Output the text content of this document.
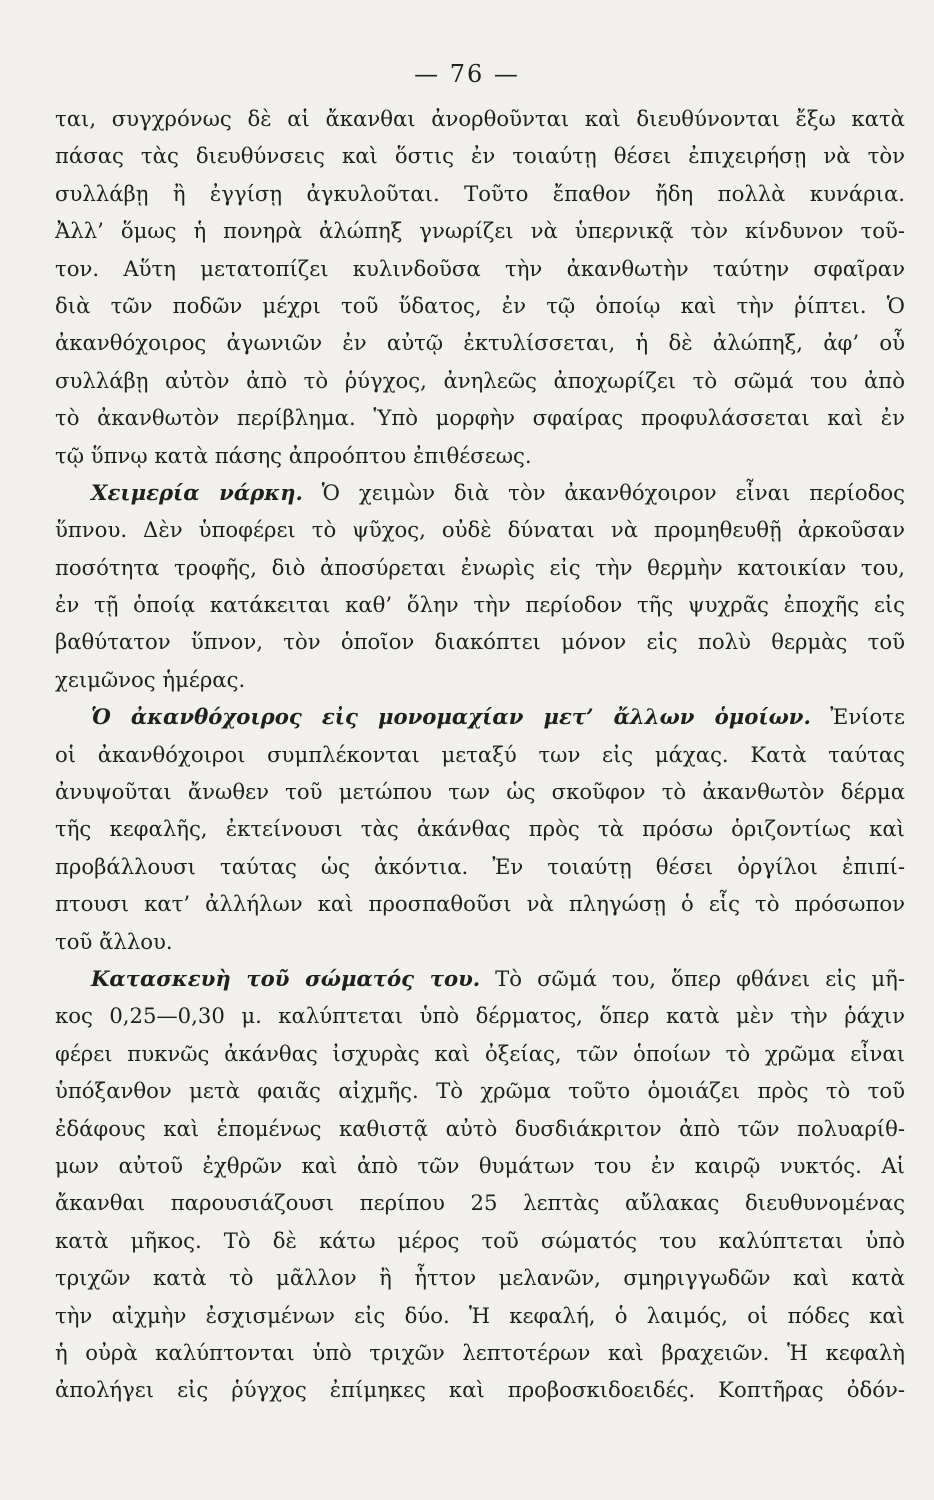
— 76 —
ται, συγχρόνως δὲ αἱ ἄκανθαι ἀνορθοῦνται καὶ διευθύνονται ἔξω κατὰ
πάσας τὰς διευθύνσεις καὶ ὅστις ἐν τοιαύτῃ θέσει ἐπιχειρήσῃ νὰ τὸν
συλλάβῃ ἢ ἐγγίσῃ ἀγκυλοῦται. Τοῦτο ἔπαθον ἤδη πολλὰ κυνάρια.
Ἀλλ’ ὅμως ἡ πονηρὰ ἀλώπηξ γνωρίζει νὰ ὑπερνικᾷ τὸν κίνδυνον τοῦ-
τον. Αὕτη μετατοπίζει κυλινδοῦσα τὴν ἀκανθωτὴν ταύτην σφαῖραν
διὰ τῶν ποδῶν μέχρι τοῦ ὕδατος, ἐν τῷ ὁποίῳ καὶ τὴν ῥίπτει. Ὁ
ἀκανθόχοιρος ἀγωνιῶν ἐν αὐτῷ ἐκτυλίσσεται, ἡ δὲ ἀλώπηξ, ἀφ’ οὗ
συλλάβῃ αὐτὸν ἀπὸ τὸ ῥύγχος, ἀνηλεῶς ἀποχωρίζει τὸ σῶμά του ἀπὸ
τὸ ἀκανθωτὸν περίβλημα. Ὑπὸ μορφὴν σφαίρας προφυλάσσεται καὶ ἐν
τῷ ὕπνῳ κατὰ πάσης ἀπροόπτου ἐπιθέσεως.
Χειμερία νάρκη. Ὁ χειμὼν διὰ τὸν ἀκανθόχοιρον εἶναι περίοδος
ὕπνου. Δὲν ὑποφέρει τὸ ψῦχος, οὐδὲ δύναται νὰ προμηθευθῇ ἀρκοῦσαν
ποσότητα τροφῆς, διὸ ἀποσύρεται ἐνωρὶς εἰς τὴν θερμὴν κατοικίαν του,
ἐν τῇ ὁποίᾳ κατάκειται καθ’ ὅλην τὴν περίοδον τῆς ψυχρᾶς ἐποχῆς εἰς
βαθύτατον ὕπνον, τὸν ὁποῖον διακόπτει μόνον εἰς πολὺ θερμὰς τοῦ
χειμῶνος ἡμέρας.
Ὁ ἀκανθόχοιρος εἰς μονομαχίαν μετ’ ἄλλων ὁμοίων. Ἐνίοτε
οἱ ἀκανθόχοιροι συμπλέκονται μεταξύ των εἰς μάχας. Κατὰ ταύτας
ἀνυψοῦται ἄνωθεν τοῦ μετώπου των ὡς σκοῦφον τὸ ἀκανθωτὸν δέρμα
τῆς κεφαλῆς, ἐκτείνουσι τὰς ἀκάνθας πρὸς τὰ πρόσω ὁριζοντίως καὶ
προβάλλουσι ταύτας ὡς ἀκόντια. Ἐν τοιαύτῃ θέσει ὀργίλοι ἐπιπί-
πτουσι κατ’ ἀλλήλων καὶ προσπαθοῦσι νὰ πληγώσῃ ὁ εἷς τὸ πρόσωπον
τοῦ ἄλλου.
Κατασκευὴ τοῦ σώματός του. Τὸ σῶμά του, ὅπερ φθάνει εἰς μῆ-
κος 0,25—0,30 μ. καλύπτεται ὑπὸ δέρματος, ὅπερ κατὰ μὲν τὴν ῥάχιν
φέρει πυκνῶς ἀκάνθας ἰσχυρὰς καὶ ὀξείας, τῶν ὁποίων τὸ χρῶμα εἶναι
ὑπόξανθον μετὰ φαιᾶς αἰχμῆς. Τὸ χρῶμα τοῦτο ὁμοιάζει πρὸς τὸ τοῦ
ἐδάφους καὶ ἑπομένως καθιστᾷ αὐτὸ δυσδιάκριτον ἀπὸ τῶν πολυαρίθ-
μων αὐτοῦ ἐχθρῶν καὶ ἀπὸ τῶν θυμάτων του ἐν καιρῷ νυκτός. Αἱ
ἄκανθαι παρουσιάζουσι περίπου 25 λεπτὰς αὔλακας διευθυνομένας
κατὰ μῆκος. Τὸ δὲ κάτω μέρος τοῦ σώματός του καλύπτεται ὑπὸ
τριχῶν κατὰ τὸ μᾶλλον ἢ ἧττον μελανῶν, σμηριγγωδῶν καὶ κατὰ
τὴν αἰχμὴν ἐσχισμένων εἰς δύο. Ἡ κεφαλή, ὁ λαιμός, οἱ πόδες καὶ
ἡ οὐρὰ καλύπτονται ὑπὸ τριχῶν λεπτοτέρων καὶ βραχειῶν. Ἡ κεφαλὴ
ἀπολήγει εἰς ῥύγχος ἐπίμηκες καὶ προβοσκιδοειδές. Κοπτῆρας ὀδόν-
